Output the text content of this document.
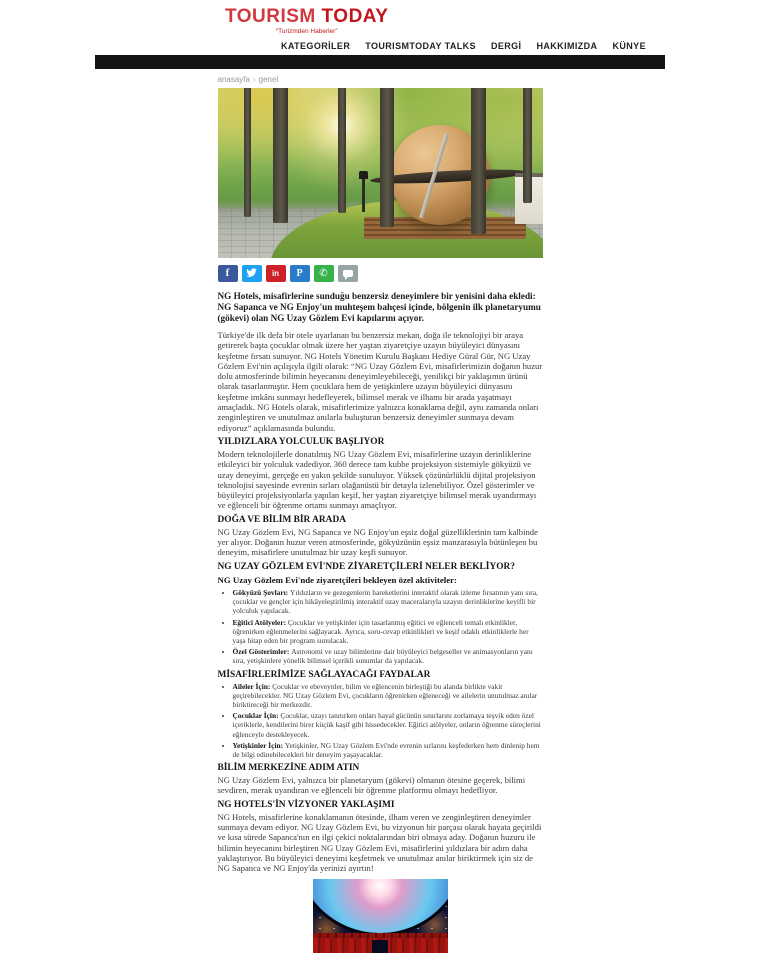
TOURISM TODAY
“Turizmden Haberler”
KATEGORİLER TOURISMTODAY TALKS DERGİ HAKKIMIZDA KÜNYE
anasayfa › genel
f
in
P
✆

NG Hotels, misafirlerine sunduğu benzersiz deneyimlere bir yenisini daha ekledi: NG Sapanca ve NG Enjoy'un muhteşem bahçesi içinde, bölgenin ilk planetaryumu (gökevi) olan NG Uzay Gözlem Evi kapılarını açıyor.

Türkiye'de ilk defa bir otele uyarlanan bu benzersiz mekan, doğa ile teknolojiyi bir araya getirerek başta çocuklar olmak üzere her yaştan ziyaretçiye uzayın büyüleyici dünyasını keşfetme fırsatı sunuyor. NG Hotels Yönetim Kurulu Başkanı Hediye Güral Gür, NG Uzay Gözlem Evi'nin açılışıyla ilgili olarak: “NG Uzay Gözlem Evi, misafirlerimizin doğanın huzur dolu atmosferinde bilimin heyecanını deneyimleyebileceği, yenilikçi bir yaklaşımın ürünü olarak tasarlanmıştır. Hem çocuklara hem de yetişkinlere uzayın büyüleyici dünyasını keşfetme imkânı sunmayı hedefleyerek, bilimsel merak ve ilhamı bir arada yaşatmayı amaçladık. NG Hotels olarak, misafirlerimize yalnızca konaklama değil, aynı zamanda onları zenginleştiren ve unutulmaz anılarla buluşturan benzersiz deneyimler sunmaya devam ediyoruz” açıklamasında bulundu.

YILDIZLARA YOLCULUK BAŞLIYOR

Modern teknolojilerle donatılmış NG Uzay Gözlem Evi, misafirlerine uzayın derinliklerine etkileyici bir yolculuk vadediyor. 360 derece tam kubbe projeksiyon sistemiyle gökyüzü ve uzay deneyimi, gerçeğe en yakın şekilde sunuluyor. Yüksek çözünürlüklü dijital projeksiyon teknolojisi sayesinde evrenin sırları olağanüstü bir detayla izlenebiliyor. Özel gösterimler ve büyüleyici projeksiyonlarla yapılan keşif, her yaştan ziyaretçiye bilimsel merak uyandırmayı ve eğlenceli bir öğrenme ortamı sunmayı amaçlıyor.

DOĞA VE BİLİM BİR ARADA

NG Uzay Gözlem Evi, NG Sapanca ve NG Enjoy'un eşsiz doğal güzelliklerinin tam kalbinde yer alıyor. Doğanın huzur veren atmosferinde, gökyüzünün eşsiz manzarasıyla bütünleşen bu deneyim, misafirlere unutulmaz bir uzay keşfi sunuyor.

NG UZAY GÖZLEM EVİ'NDE ZİYARETÇİLERİ NELER BEKLİYOR?

NG Uzay Gözlem Evi'nde ziyaretçileri bekleyen özel aktiviteler:

• Gökyüzü Şovları: Yıldızların ve gezegenlerin hareketlerini interaktif olarak izleme fırsatının yanı sıra, çocuklar ve gençler için hikâyeleştirilmiş interaktif uzay maceralarıyla uzayın derinliklerine keyifli bir yolculuk yapılacak.
• Eğitici Atölyeler: Çocuklar ve yetişkinler için tasarlanmış eğitici ve eğlenceli temalı etkinlikler, öğrenirken eğlenmelerini sağlayacak. Ayrıca, soru-cevap etkinlikleri ve keşif odaklı etkinliklerle her yaşa hitap eden bir program sunulacak.
• Özel Gösterimler: Astronomi ve uzay bilimlerine dair büyüleyici belgeseller ve animasyonların yanı sıra, yetişkinlere yönelik bilimsel içerikli sunumlar da yapılacak.
MİSAFİRLERİMİZE SAĞLAYACAĞI FAYDALAR
• Aileler İçin: Çocuklar ve ebeveynler, bilim ve eğlencenin birleştiği bu alanda birlikte vakit geçirebilecekler. NG Uzay Gözlem Evi, çocukların öğrenirken eğleneceği ve ailelerin unutulmaz anılar biriktireceği bir merkezdir.
• Çocuklar İçin: Çocuklar, uzayı tanıtırken onları hayal gücünün sınırlarını zorlamaya teşvik eden özel içeriklerle, kendilerini birer küçük kaşif gibi hissedecekler. Eğitici atölyeler, onların öğrenme süreçlerini eğlenceyle destekleyecek.
• Yetişkinler İçin: Yetişkinler, NG Uzay Gözlem Evi'nde evrenin sırlarını keşfederken hem dinlenip hem de bilgi edinebilecekleri bir deneyim yaşayacaklar.
BİLİM MERKEZİNE ADIM ATIN

NG Uzay Gözlem Evi, yalnızca bir planetaryum (gökevi) olmanın ötesine geçerek, bilimi sevdiren, merak uyandıran ve eğlenceli bir öğrenme platformu olmayı hedefliyor.

NG HOTELS'İN VİZYONER YAKLAŞIMI

NG Hotels, misafirlerine konaklamanın ötesinde, ilham veren ve zenginleştiren deneyimler sunmaya devam ediyor. NG Uzay Gözlem Evi, bu vizyonun bir parçası olarak hayata geçirildi ve kısa sürede Sapanca'nın en ilgi çekici noktalarından biri olmaya aday. Doğanın huzuru ile bilimin heyecanını birleştiren NG Uzay Gözlem Evi, misafirlerini yıldızlara bir adım daha yaklaştırıyor. Bu büyüleyici deneyimi keşfetmek ve unutulmaz anılar biriktirmek için siz de NG Sapanca ve NG Enjoy'da yerinizi ayırtın!
